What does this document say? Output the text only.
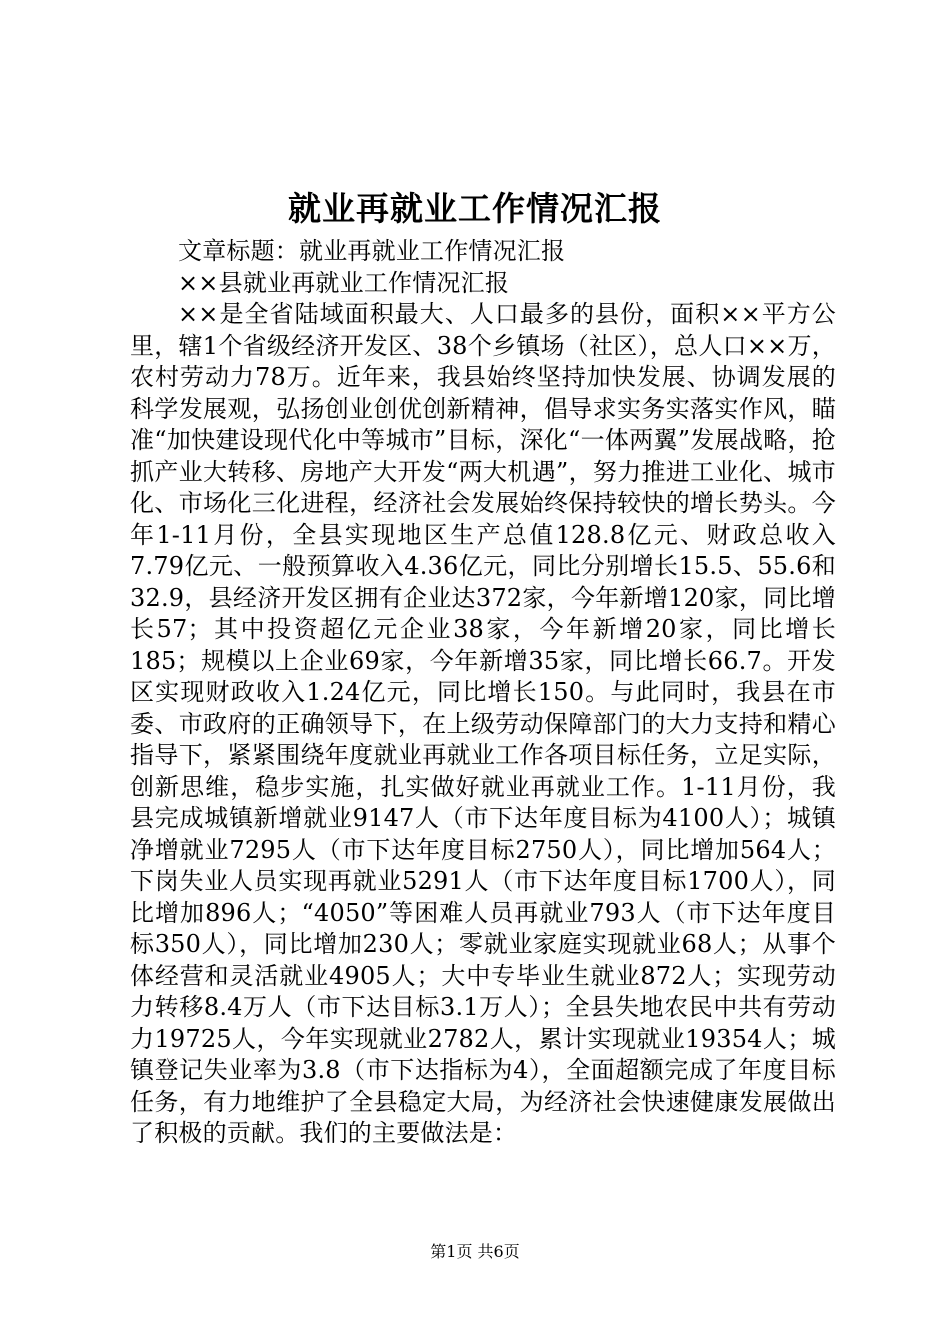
就业再就业工作情况汇报

文章标题：就业再就业工作情况汇报

××县就业再就业工作情况汇报

××是全省陆域面积最大、人口最多的县份，面积××平方公里，辖1个省级经济开发区、38个乡镇场（社区），总人口××万，农村劳动力78万。近年来，我县始终坚持加快发展、协调发展的科学发展观，弘扬创业创优创新精神，倡导求实务实落实作风，瞄准“加快建设现代化中等城市”目标，深化“一体两翼”发展战略，抢抓产业大转移、房地产大开发“两大机遇”，努力推进工业化、城市化、市场化三化进程，经济社会发展始终保持较快的增长势头。今年1-11月份，全县实现地区生产总值128.8亿元、财政总收入7.79亿元、一般预算收入4.36亿元，同比分别增长15.5、55.6和32.9，县经济开发区拥有企业达372家，今年新增120家，同比增长57；其中投资超亿元企业38家，今年新增20家，同比增长185；规模以上企业69家，今年新增35家，同比增长66.7。开发区实现财政收入1.24亿元，同比增长150。与此同时，我县在市委、市政府的正确领导下，在上级劳动保障部门的大力支持和精心指导下，紧紧围绕年度就业再就业工作各项目标任务，立足实际，创新思维，稳步实施，扎实做好就业再就业工作。1-11月份，我县完成城镇新增就业9147人（市下达年度目标为4100人）；城镇净增就业7295人（市下达年度目标2750人），同比增加564人；下岗失业人员实现再就业5291人（市下达年度目标1700人），同比增加896人；“4050”等困难人员再就业793人（市下达年度目标350人），同比增加230人；零就业家庭实现就业68人；从事个体经营和灵活就业4905人；大中专毕业生就业872人；实现劳动力转移8.4万人（市下达目标3.1万人）；全县失地农民中共有劳动力19725人，今年实现就业2782人，累计实现就业19354人；城镇登记失业率为3.8（市下达指标为4），全面超额完成了年度目标任务，有力地维护了全县稳定大局，为经济社会快速健康发展做出了积极的贡献。我们的主要做法是：

第1页 共6页
